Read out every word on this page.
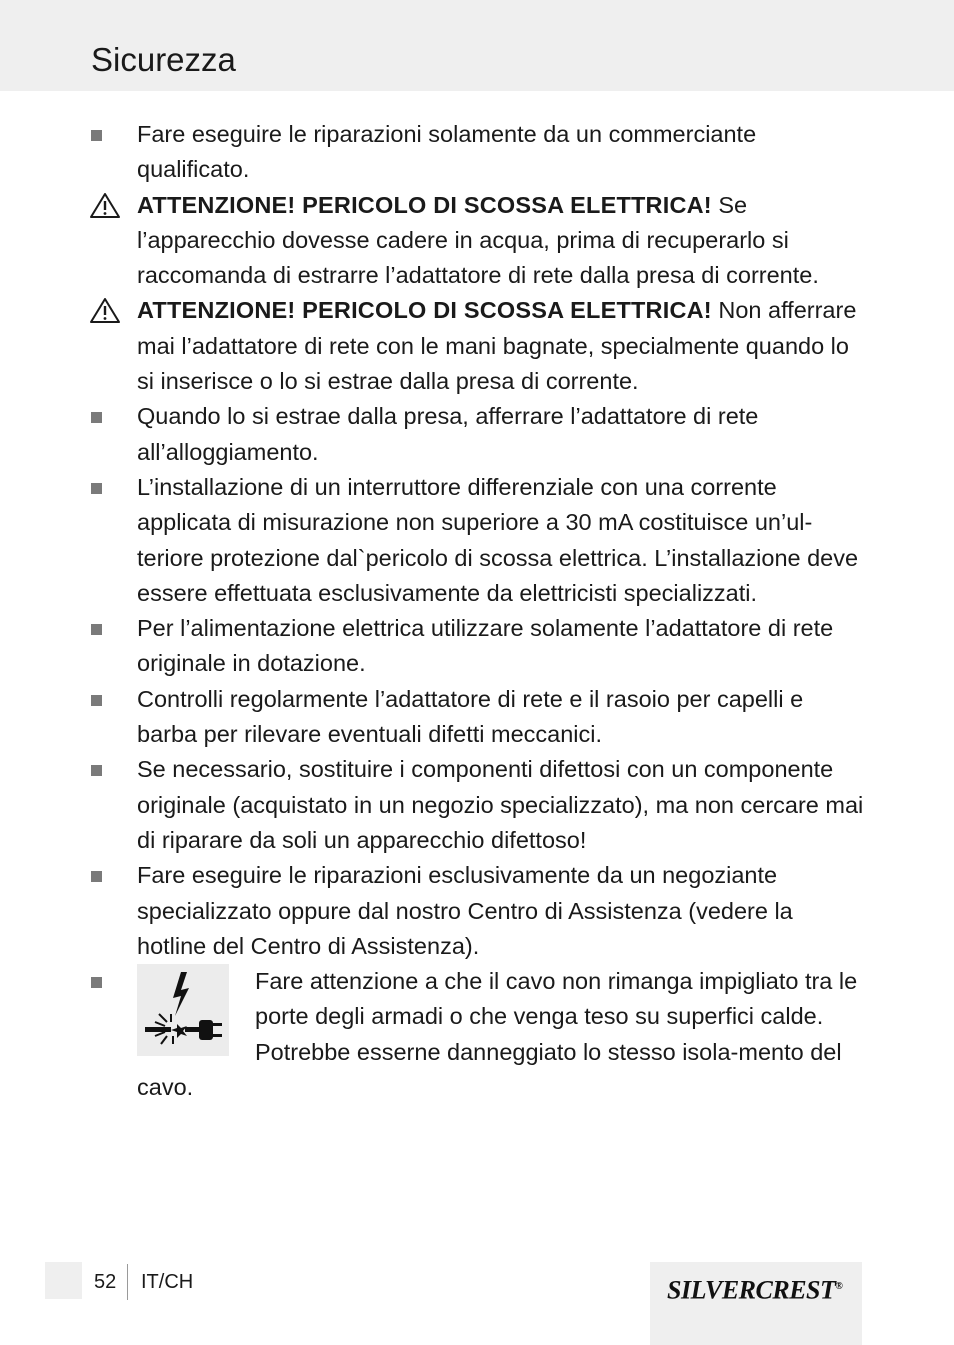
Sicurezza
Fare eseguire le riparazioni solamente da un commerciante qualificato.
ATTENZIONE! PERICOLO DI SCOSSA ELETTRICA! Se l’apparecchio dovesse cadere in acqua, prima di recuperarlo si raccomanda di estrarre l’adattatore di rete dalla presa di corrente.
ATTENZIONE! PERICOLO DI SCOSSA ELETTRICA! Non afferrare mai l’adattatore di rete con le mani bagnate, specialmente quando lo si inserisce o lo si estrae dalla presa di corrente.
Quando lo si estrae dalla presa, afferrare l’adattatore di rete all’alloggiamento.
L’installazione di un interruttore differenziale con una corrente applicata di misurazione non superiore a 30 mA costituisce un’ul-teriore protezione dal`pericolo di scossa elettrica. L’installazione deve essere effettuata esclusivamente da elettricisti specializzati.
Per l’alimentazione elettrica utilizzare solamente l’adattatore di rete originale in dotazione.
Controlli regolarmente l’adattatore di rete e il rasoio per capelli e barba per rilevare eventuali difetti meccanici.
Se necessario, sostituire i componenti difettosi con un componente originale (acquistato in un negozio specializzato), ma non cercare mai di riparare da soli un apparecchio difettoso!
Fare eseguire le riparazioni esclusivamente da un negoziante specializzato oppure dal nostro Centro di Assistenza (vedere la hotline del Centro di Assistenza).
Fare attenzione a che il cavo non rimanga impigliato tra le porte degli armadi o che venga teso su superfici calde. Potrebbe esserne danneggiato lo stesso isola-mento del cavo.
52 IT/CH	SILVERCREST®
